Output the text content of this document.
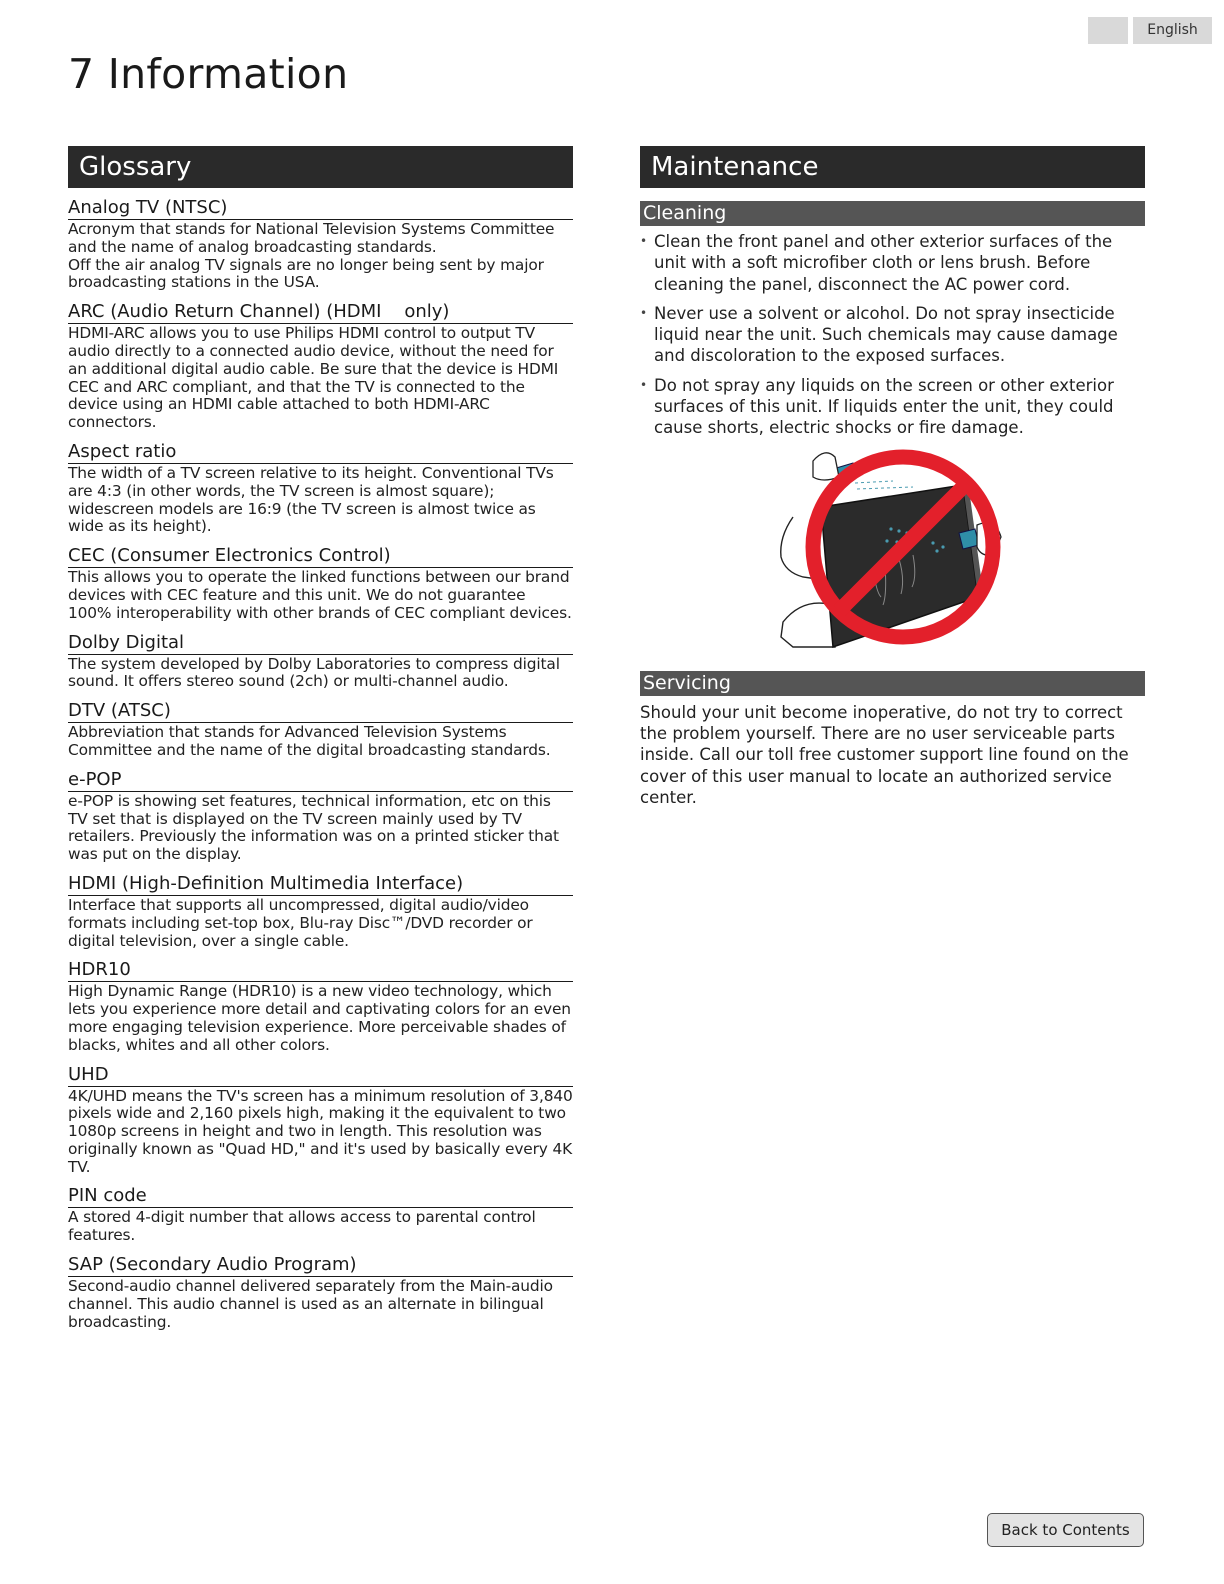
English
7 Information
Glossary
Analog TV (NTSC)

Acronym that stands for National Television Systems Committee and the name of analog broadcasting standards.

Off the air analog TV signals are no longer being sent by major broadcasting stations in the USA.

ARC (Audio Return Channel) (HDMI    only)

HDMI-ARC allows you to use Philips HDMI control to output TV audio directly to a connected audio device, without the need for an additional digital audio cable. Be sure that the device is HDMI CEC and ARC compliant, and that the TV is connected to the device using an HDMI cable attached to both HDMI-ARC connectors.

Aspect ratio

The width of a TV screen relative to its height. Conventional TVs are 4:3 (in other words, the TV screen is almost square); widescreen models are 16:9 (the TV screen is almost twice as wide as its height).

CEC (Consumer Electronics Control)

This allows you to operate the linked functions between our brand devices with CEC feature and this unit. We do not guarantee 100% interoperability with other brands of CEC compliant devices.

Dolby Digital

The system developed by Dolby Laboratories to compress digital sound. It offers stereo sound (2ch) or multi-channel audio.

DTV (ATSC)

Abbreviation that stands for Advanced Television Systems Committee and the name of the digital broadcasting standards.

e-POP

e-POP is showing set features, technical information, etc on this TV set that is displayed on the TV screen mainly used by TV retailers. Previously the information was on a printed sticker that was put on the display.

HDMI (High-Definition Multimedia Interface)

Interface that supports all uncompressed, digital audio/video formats including set-top box, Blu-ray Disc™/DVD recorder or digital television, over a single cable.

HDR10

High Dynamic Range (HDR10) is a new video technology, which lets you experience more detail and captivating colors for an even more engaging television experience. More perceivable shades of blacks, whites and all other colors.

UHD

4K/UHD means the TV's screen has a minimum resolution of 3,840 pixels wide and 2,160 pixels high, making it the equivalent to two 1080p screens in height and two in length. This resolution was originally known as "Quad HD," and it's used by basically every 4K TV.

PIN code

A stored 4-digit number that allows access to parental control features.

SAP (Secondary Audio Program)

Second-audio channel delivered separately from the Main-audio channel. This audio channel is used as an alternate in bilingual broadcasting.

Maintenance
Cleaning
• Clean the front panel and other exterior surfaces of the unit with a soft microfiber cloth or lens brush. Before cleaning the panel, disconnect the AC power cord.
• Never use a solvent or alcohol. Do not spray insecticide liquid near the unit. Such chemicals may cause damage and discoloration to the exposed surfaces.
• Do not spray any liquids on the screen or other exterior surfaces of this unit. If liquids enter the unit, they could cause shorts, electric shocks or fire damage.
Servicing

Should your unit become inoperative, do not try to correct the problem yourself. There are no user serviceable parts inside. Call our toll free customer support line found on the cover of this user manual to locate an authorized service center.

Back to Contents
